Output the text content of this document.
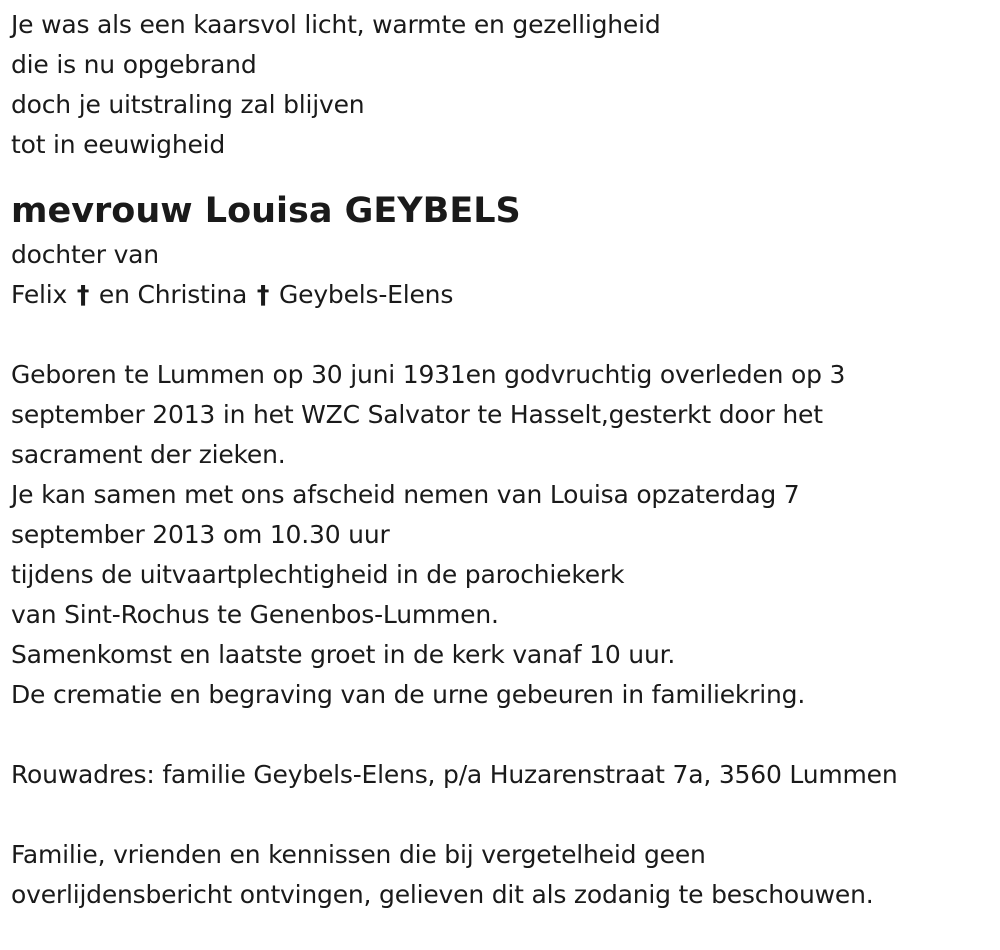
Je was als een kaarsvol licht, warmte en gezelligheid
die is nu opgebrand
doch je uitstraling zal blijven
tot in eeuwigheid
mevrouw Louisa GEYBELS
dochter van
Felix † en Christina † Geybels-Elens
Geboren te Lummen op 30 juni 1931en godvruchtig overleden op 3
september 2013 in het WZC Salvator te Hasselt,gesterkt door het
sacrament der zieken.
Je kan samen met ons afscheid nemen van Louisa opzaterdag 7
september 2013 om 10.30 uur
tijdens de uitvaartplechtigheid in de parochiekerk
van Sint-Rochus te Genenbos-Lummen.
Samenkomst en laatste groet in de kerk vanaf 10 uur.
De crematie en begraving van de urne gebeuren in familiekring.
Rouwadres: familie Geybels-Elens, p/a Huzarenstraat 7a, 3560 Lummen
Familie, vrienden en kennissen die bij vergetelheid geen
overlijdensbericht ontvingen, gelieven dit als zodanig te beschouwen.
